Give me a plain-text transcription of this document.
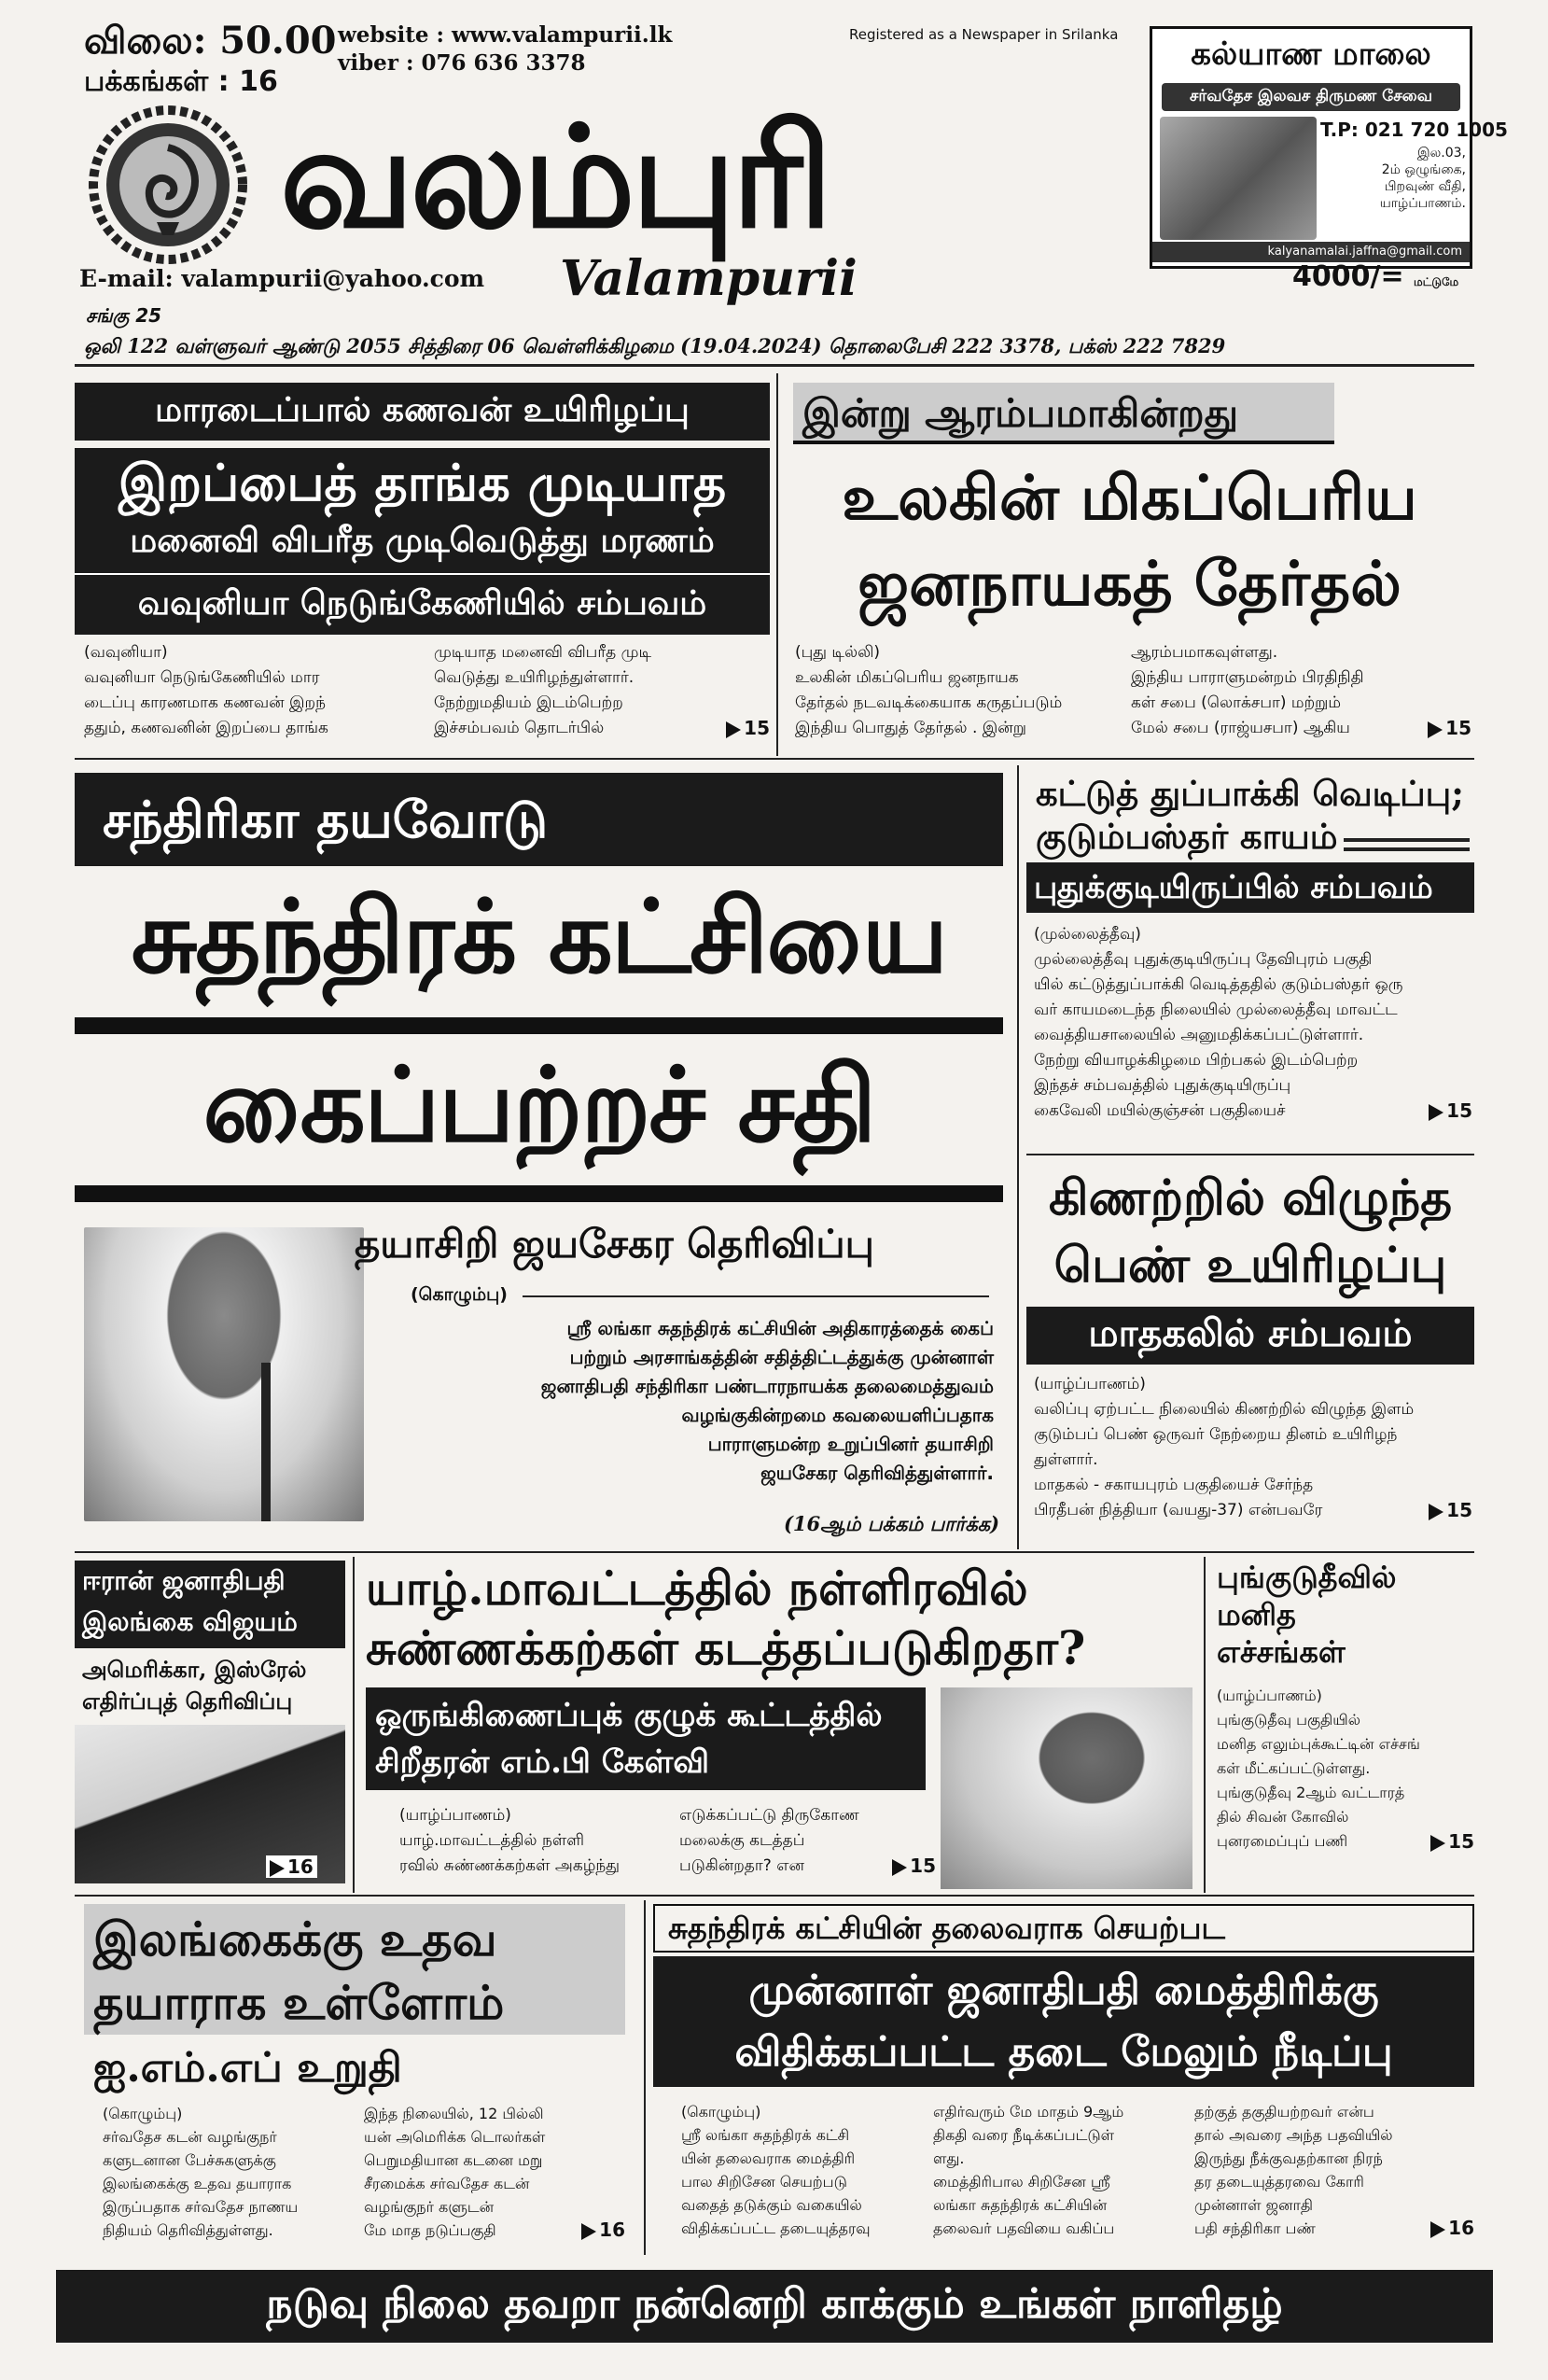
விலை: 50.00
பக்கங்கள் : 16
website : www.valampurii.lk
viber : 076 636 3378
Registered as a Newspaper in Srilanka
வலம்புரி
Valampurii
E-mail: valampurii@yahoo.com
சங்கு 25
கல்யாண மாலை
சர்வதேச இலவச திருமண சேவை
T.P: 021 720 1005
இல.03,
2ம் ஒழுங்கை,
பிறவுண் வீதி,
யாழ்ப்பாணம்.
kalyanamalai.jaffna@gmail.com
4000/= மட்டுமே
ஒலி 122 வள்ளுவர் ஆண்டு 2055 சித்திரை 06 வெள்ளிக்கிழமை (19.04.2024) தொலைபேசி 222 3378, பக்ஸ் 222 7829
மாரடைப்பால் கணவன் உயிரிழப்பு
இறப்பைத் தாங்க முடியாத
மனைவி விபரீத முடிவெடுத்து மரணம்
வவுனியா நெடுங்கேணியில் சம்பவம்

(வவுனியா)

வவுனியா நெடுங்கேணியில் மார

டைப்பு காரணமாக கணவன் இறந்

ததும், கணவனின் இறப்பை தாங்க

முடியாத மனைவி விபரீத முடி

வெடுத்து உயிரிழந்துள்ளார்.

நேற்றுமதியம் இடம்பெற்ற

இச்சம்பவம் தொடர்பில்	15

இன்று ஆரம்பமாகின்றது
உலகின் மிகப்பெரிய
ஜனநாயகத் தேர்தல்

(புது டில்லி)

உலகின் மிகப்பெரிய ஜனநாயக

தேர்தல் நடவடிக்கையாக கருதப்படும்

இந்திய பொதுத் தேர்தல் . இன்று

ஆரம்பமாகவுள்ளது.

இந்திய பாராளுமன்றம் பிரதிநிதி

கள் சபை (லொக்சபா) மற்றும்

மேல் சபை (ராஜ்யசபா) ஆகிய	15

சந்திரிகா தயவோடு
சுதந்திரக் கட்சியை
கைப்பற்றச் சதி
தயாசிறி ஜயசேகர தெரிவிப்பு
(கொழும்பு)
ஸ்ரீ லங்கா சுதந்திரக் கட்சியின் அதிகாரத்தைக் கைப்
பற்றும் அரசாங்கத்தின் சதித்திட்டத்துக்கு முன்னாள்
ஜனாதிபதி சந்திரிகா பண்டாரநாயக்க தலைமைத்துவம்
வழங்குகின்றமை கவலையளிப்பதாக
பாராளுமன்ற உறுப்பினர் தயாசிறி
ஜயசேகர தெரிவித்துள்ளார்.
(16ஆம் பக்கம் பார்க்க)
கட்டுத் துப்பாக்கி வெடிப்பு;
குடும்பஸ்தர் காயம்
புதுக்குடியிருப்பில் சம்பவம்

(முல்லைத்தீவு)

முல்லைத்தீவு புதுக்குடியிருப்பு தேவிபுரம் பகுதி

யில் கட்டுத்துப்பாக்கி வெடித்ததில் குடும்பஸ்தர் ஒரு

வர் காயமடைந்த நிலையில் முல்லைத்தீவு மாவட்ட

வைத்தியசாலையில் அனுமதிக்கப்பட்டுள்ளார்.

நேற்று வியாழக்கிழமை பிற்பகல் இடம்பெற்ற

இந்தச் சம்பவத்தில் புதுக்குடியிருப்பு

கைவேலி மயில்குஞ்சன் பகுதியைச்	15

கிணற்றில் விழுந்த
பெண் உயிரிழப்பு
மாதகலில் சம்பவம்

(யாழ்ப்பாணம்)

வலிப்பு ஏற்பட்ட நிலையில் கிணற்றில் விழுந்த இளம்

குடும்பப் பெண் ஒருவர் நேற்றைய தினம் உயிரிழந்

துள்ளார்.

மாதகல் - சகாயபுரம் பகுதியைச் சேர்ந்த

பிரதீபன் நித்தியா (வயது-37) என்பவரே	15

ஈரான் ஜனாதிபதி
இலங்கை விஜயம்
அமெரிக்கா, இஸ்ரேல்
எதிர்ப்புத் தெரிவிப்பு
16
யாழ்.மாவட்டத்தில் நள்ளிரவில்
சுண்ணக்கற்கள் கடத்தப்படுகிறதா?
ஒருங்கிணைப்புக் குழுக் கூட்டத்தில்
சிறீதரன் எம்.பி கேள்வி

(யாழ்ப்பாணம்)

யாழ்.மாவட்டத்தில் நள்ளி

ரவில் சுண்ணக்கற்கள் அகழ்ந்து

எடுக்கப்பட்டு திருகோண

மலைக்கு கடத்தப்

படுகின்றதா? என	15

புங்குடுதீவில்
மனித
எச்சங்கள்

(யாழ்ப்பாணம்)

புங்குடுதீவு பகுதியில்

மனித எலும்புக்கூட்டின் எச்சங்

கள் மீட்கப்பட்டுள்ளது.

புங்குடுதீவு 2ஆம் வட்டாரத்

தில் சிவன் கோவில்

புனரமைப்புப் பணி	15

இலங்கைக்கு உதவ
தயாராக உள்ளோம்
ஐ.எம்.எப் உறுதி

(கொழும்பு)

சர்வதேச கடன் வழங்குநர்

களுடனான பேச்சுகளுக்கு

இலங்கைக்கு உதவ தயாராக

இருப்பதாக சர்வதேச நாணய

நிதியம் தெரிவித்துள்ளது.

இந்த நிலையில், 12 பில்லி

யன் அமெரிக்க டொலர்கள்

பெறுமதியான கடனை மறு

சீரமைக்க சர்வதேச கடன்

வழங்குநர் களுடன்

மே மாத நடுப்பகுதி	16

சுதந்திரக் கட்சியின் தலைவராக செயற்பட
முன்னாள் ஜனாதிபதி மைத்திரிக்கு
விதிக்கப்பட்ட தடை மேலும் நீடிப்பு

(கொழும்பு)

ஸ்ரீ லங்கா சுதந்திரக் கட்சி

யின் தலைவராக மைத்திரி

பால சிறிசேன செயற்படு

வதைத் தடுக்கும் வகையில்

விதிக்கப்பட்ட தடையுத்தரவு

எதிர்வரும் மே மாதம் 9ஆம்

திகதி வரை நீடிக்கப்பட்டுள்

ளது.

மைத்திரிபால சிறிசேன ஸ்ரீ

லங்கா சுதந்திரக் கட்சியின்

தலைவர் பதவியை வகிப்ப

தற்குத் தகுதியற்றவர் என்ப

தால் அவரை அந்த பதவியில்

இருந்து நீக்குவதற்கான நிரந்

தர தடையுத்தரவை கோரி

முன்னாள் ஜனாதி

பதி சந்திரிகா பண்	16

நடுவு நிலை தவறா நன்னெறி காக்கும் உங்கள் நாளிதழ்
